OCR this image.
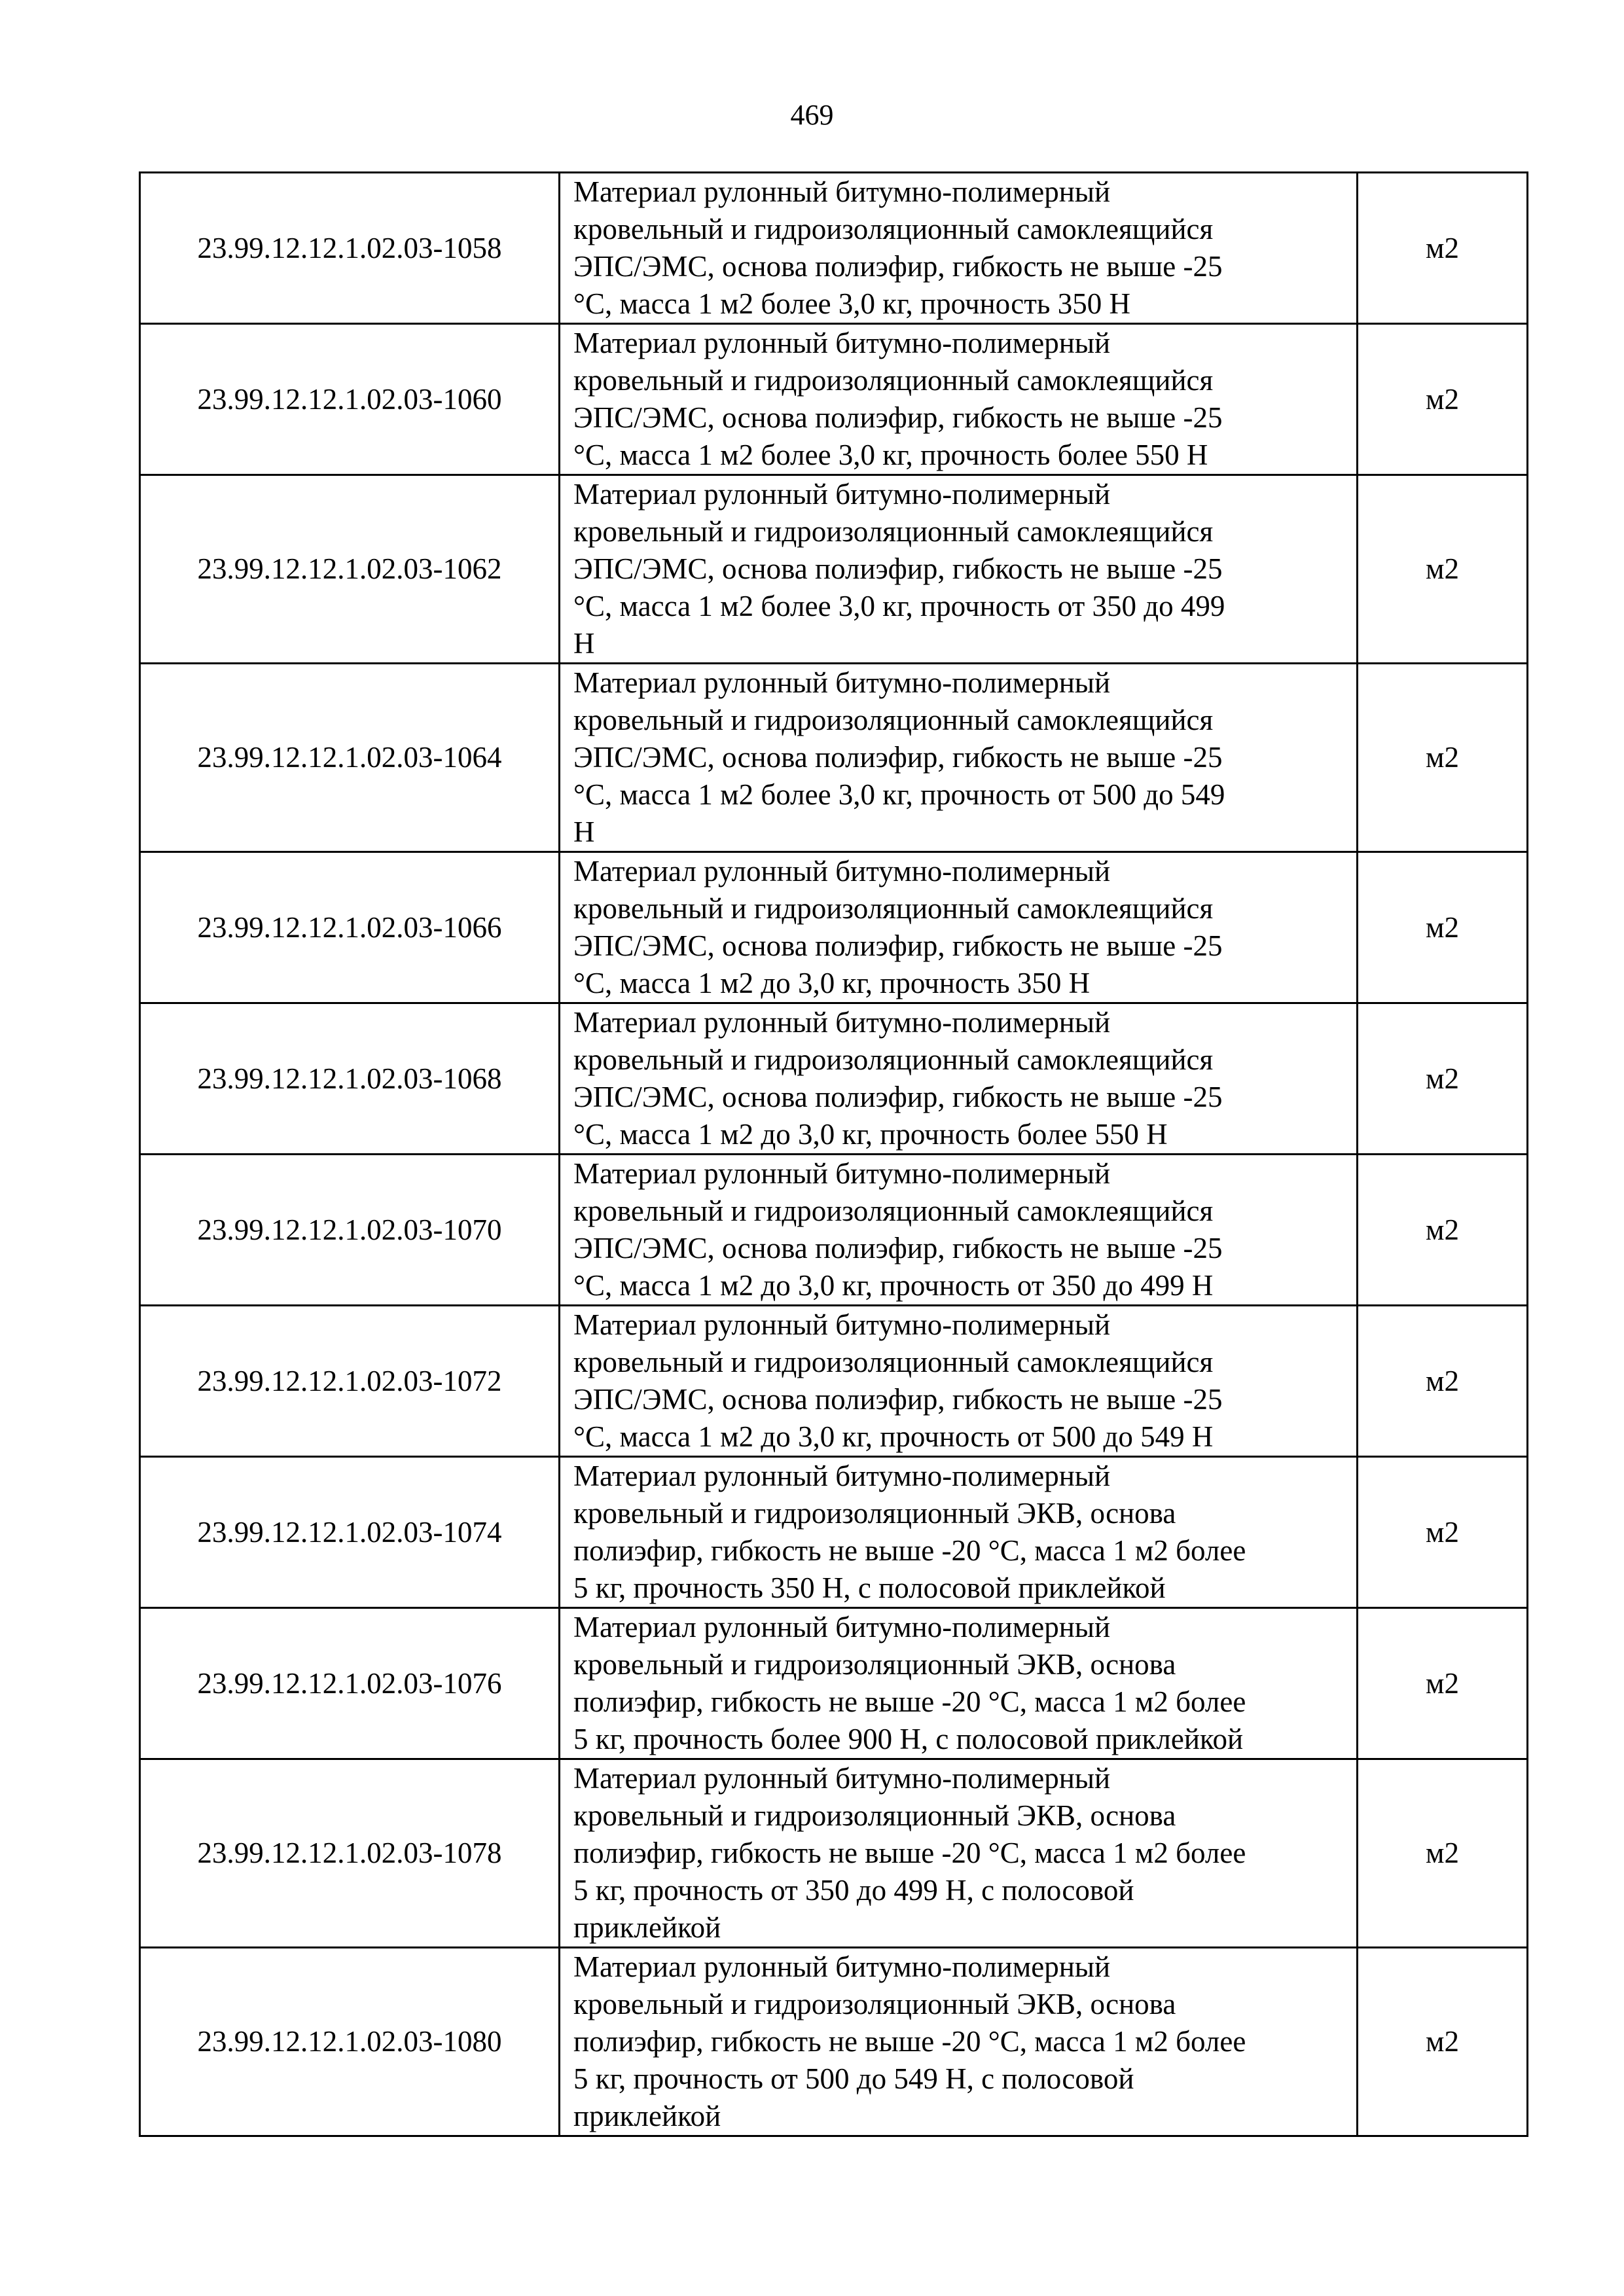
469
23.99.12.12.1.02.03-1058	Материал рулонный битумно-полимерный
кровельный и гидроизоляционный самоклеящийся
ЭПС/ЭМС, основа полиэфир, гибкость не выше -25
°С, масса 1 м2 более 3,0 кг, прочность 350 Н	м2
23.99.12.12.1.02.03-1060	Материал рулонный битумно-полимерный
кровельный и гидроизоляционный самоклеящийся
ЭПС/ЭМС, основа полиэфир, гибкость не выше -25
°С, масса 1 м2 более 3,0 кг, прочность более 550 Н	м2
23.99.12.12.1.02.03-1062	Материал рулонный битумно-полимерный
кровельный и гидроизоляционный самоклеящийся
ЭПС/ЭМС, основа полиэфир, гибкость не выше -25
°С, масса 1 м2 более 3,0 кг, прочность от 350 до 499
Н	м2
23.99.12.12.1.02.03-1064	Материал рулонный битумно-полимерный
кровельный и гидроизоляционный самоклеящийся
ЭПС/ЭМС, основа полиэфир, гибкость не выше -25
°С, масса 1 м2 более 3,0 кг, прочность от 500 до 549
Н	м2
23.99.12.12.1.02.03-1066	Материал рулонный битумно-полимерный
кровельный и гидроизоляционный самоклеящийся
ЭПС/ЭМС, основа полиэфир, гибкость не выше -25
°С, масса 1 м2 до 3,0 кг, прочность 350 Н	м2
23.99.12.12.1.02.03-1068	Материал рулонный битумно-полимерный
кровельный и гидроизоляционный самоклеящийся
ЭПС/ЭМС, основа полиэфир, гибкость не выше -25
°С, масса 1 м2 до 3,0 кг, прочность более 550 Н	м2
23.99.12.12.1.02.03-1070	Материал рулонный битумно-полимерный
кровельный и гидроизоляционный самоклеящийся
ЭПС/ЭМС, основа полиэфир, гибкость не выше -25
°С, масса 1 м2 до 3,0 кг, прочность от 350 до 499 Н	м2
23.99.12.12.1.02.03-1072	Материал рулонный битумно-полимерный
кровельный и гидроизоляционный самоклеящийся
ЭПС/ЭМС, основа полиэфир, гибкость не выше -25
°С, масса 1 м2 до 3,0 кг, прочность от 500 до 549 Н	м2
23.99.12.12.1.02.03-1074	Материал рулонный битумно-полимерный
кровельный и гидроизоляционный ЭКВ, основа
полиэфир, гибкость не выше -20 °С, масса 1 м2 более
5 кг, прочность 350 Н, с полосовой приклейкой	м2
23.99.12.12.1.02.03-1076	Материал рулонный битумно-полимерный
кровельный и гидроизоляционный ЭКВ, основа
полиэфир, гибкость не выше -20 °С, масса 1 м2 более
5 кг, прочность более 900 Н, с полосовой приклейкой	м2
23.99.12.12.1.02.03-1078	Материал рулонный битумно-полимерный
кровельный и гидроизоляционный ЭКВ, основа
полиэфир, гибкость не выше -20 °С, масса 1 м2 более
5 кг, прочность от 350 до 499 Н, с полосовой
приклейкой	м2
23.99.12.12.1.02.03-1080	Материал рулонный битумно-полимерный
кровельный и гидроизоляционный ЭКВ, основа
полиэфир, гибкость не выше -20 °С, масса 1 м2 более
5 кг, прочность от 500 до 549 Н, с полосовой
приклейкой	м2
